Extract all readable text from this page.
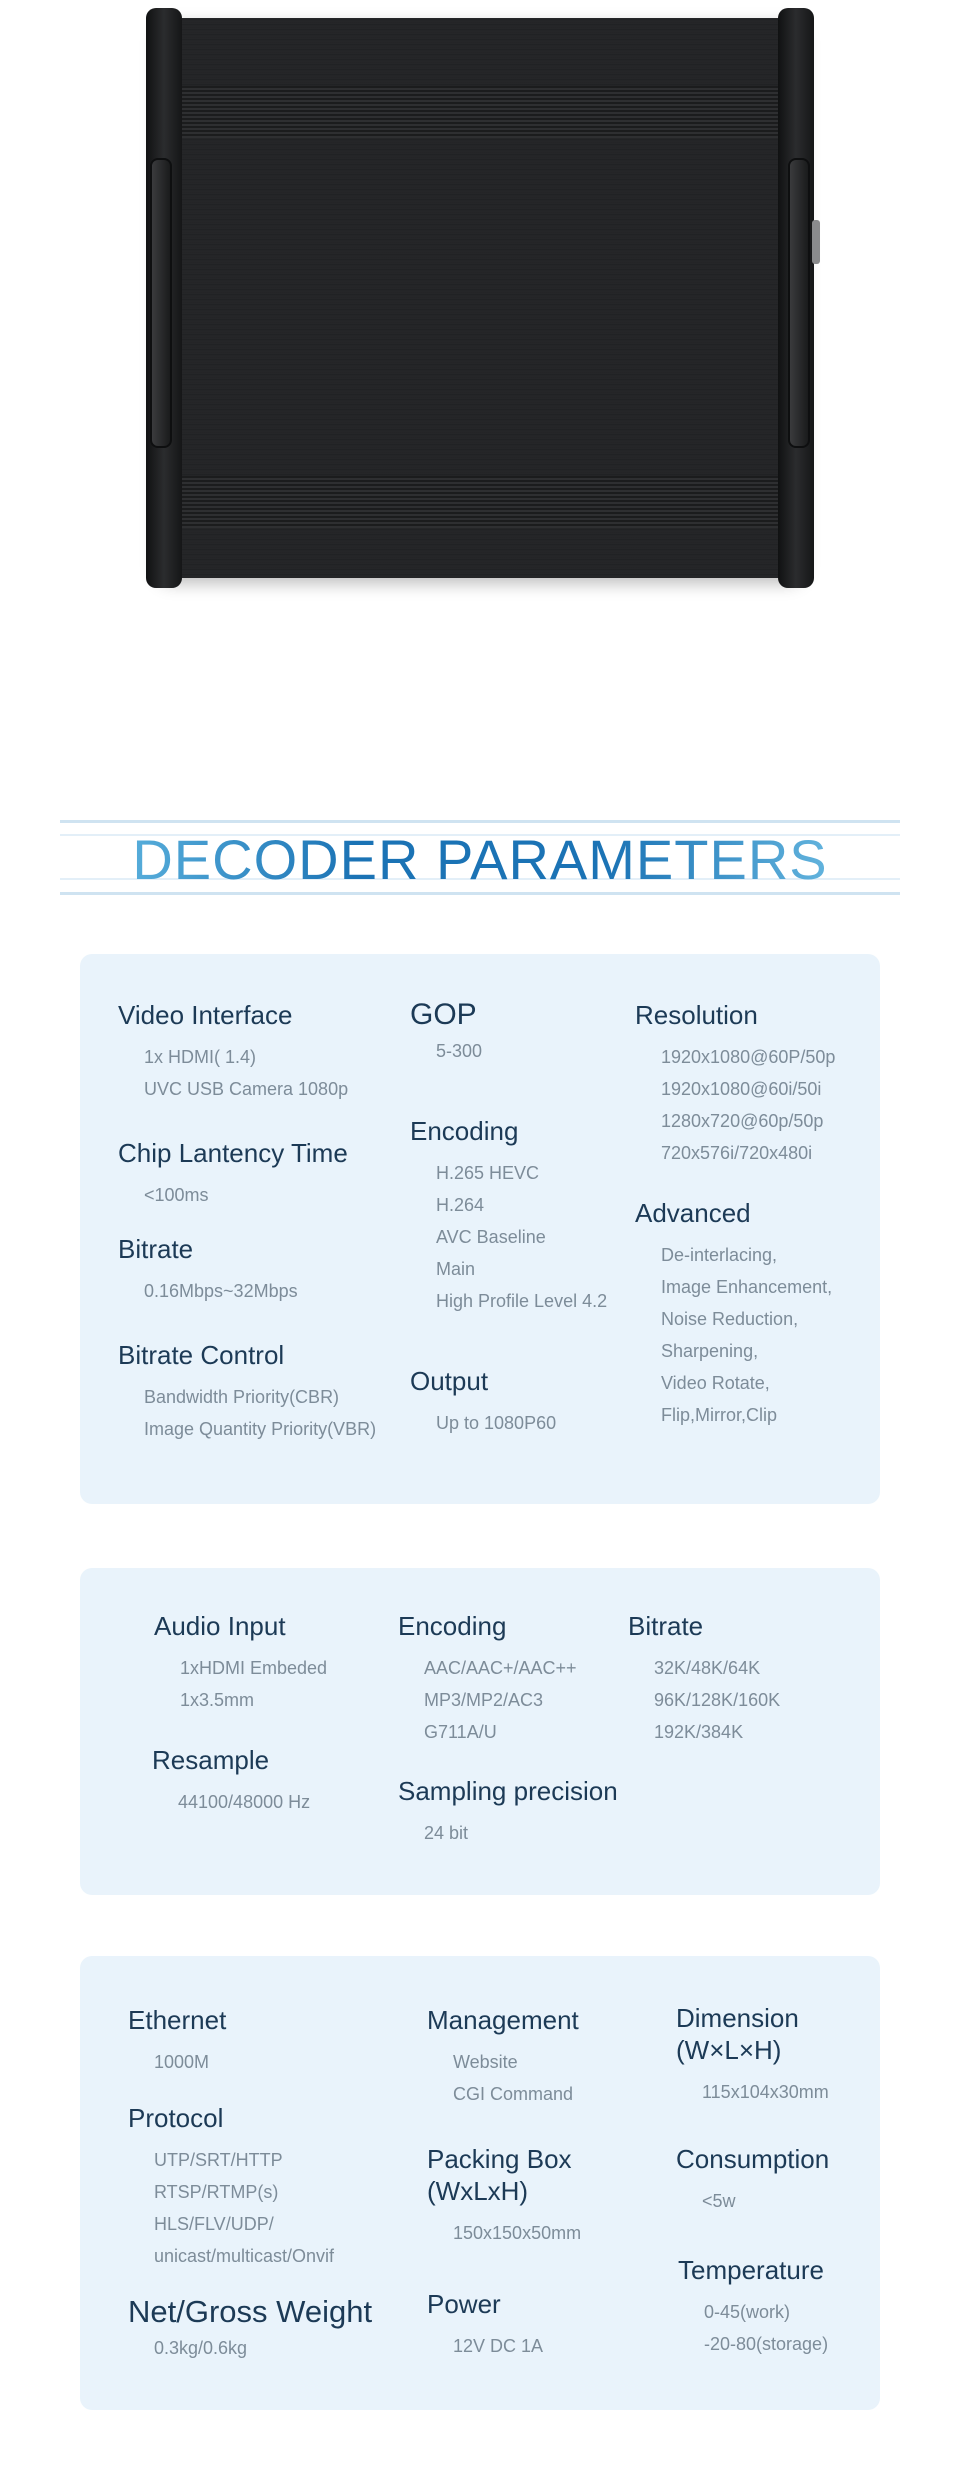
DECODER PARAMETERS
Video Interface
1x HDMI( 1.4)
UVC USB Camera 1080p
Chip Lantency Time
<100ms
Bitrate
0.16Mbps~32Mbps
Bitrate Control
Bandwidth Priority(CBR)
Image Quantity Priority(VBR)
GOP
5-300
Encoding
H.265 HEVC
H.264
AVC Baseline
Main
High Profile Level 4.2
Output
Up to 1080P60
Resolution
1920x1080@60P/50p
1920x1080@60i/50i
1280x720@60p/50p
720x576i/720x480i
Advanced
De-interlacing,
Image Enhancement,
Noise Reduction,
Sharpening,
Video Rotate,
Flip,Mirror,Clip
Audio Input
1xHDMI Embeded
1x3.5mm
Resample
44100/48000 Hz
Encoding
AAC/AAC+/AAC++
MP3/MP2/AC3
G711A/U
Sampling precision
24 bit
Bitrate
32K/48K/64K
96K/128K/160K
192K/384K
Ethernet
1000M
Protocol
UTP/SRT/HTTP
RTSP/RTMP(s)
HLS/FLV/UDP/
unicast/multicast/Onvif
Net/Gross Weight
0.3kg/0.6kg
Management
Website
CGI Command
Packing Box
(WxLxH)
150x150x50mm
Power
12V DC 1A
Dimension
(W×L×H)
115x104x30mm
Consumption
<5w
Temperature
0-45(work)
-20-80(storage)
